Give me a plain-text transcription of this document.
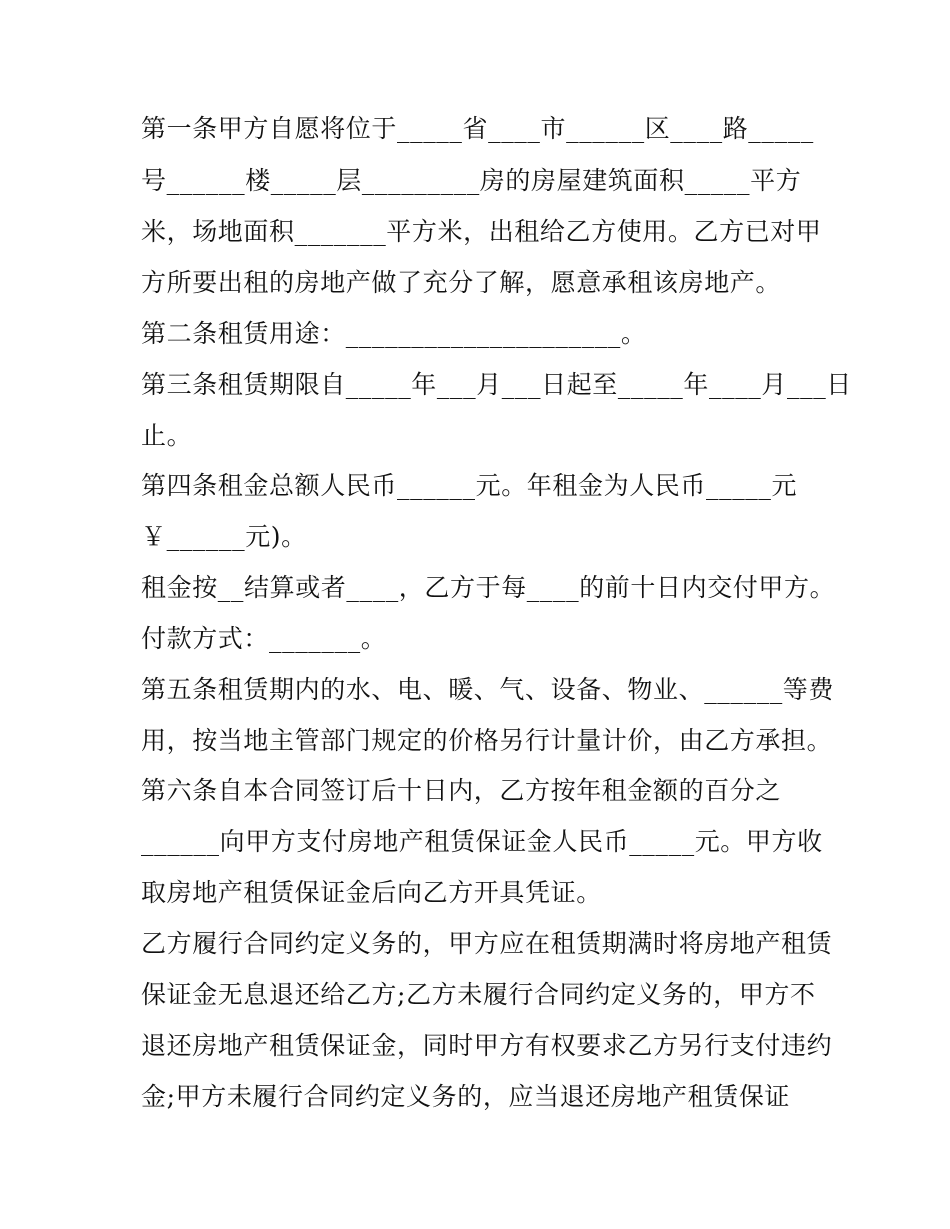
第一条甲方自愿将位于_____省____市______区____路_____
号______楼_____层_________房的房屋建筑面积_____平方
米，场地面积_______平方米，出租给乙方使用。乙方已对甲
方所要出租的房地产做了充分了解，愿意承租该房地产。
第二条租赁用途：_____________________。
第三条租赁期限自_____年___月___日起至_____年____月___日
止。
第四条租金总额人民币______元。年租金为人民币_____元
￥______元)。
租金按__结算或者____，乙方于每____的前十日内交付甲方。
付款方式：_______。
第五条租赁期内的水、电、暖、气、设备、物业、______等费
用，按当地主管部门规定的价格另行计量计价，由乙方承担。
第六条自本合同签订后十日内，乙方按年租金额的百分之
______向甲方支付房地产租赁保证金人民币_____元。甲方收
取房地产租赁保证金后向乙方开具凭证。
乙方履行合同约定义务的，甲方应在租赁期满时将房地产租赁
保证金无息退还给乙方;乙方未履行合同约定义务的，甲方不
退还房地产租赁保证金，同时甲方有权要求乙方另行支付违约
金;甲方未履行合同约定义务的，应当退还房地产租赁保证
